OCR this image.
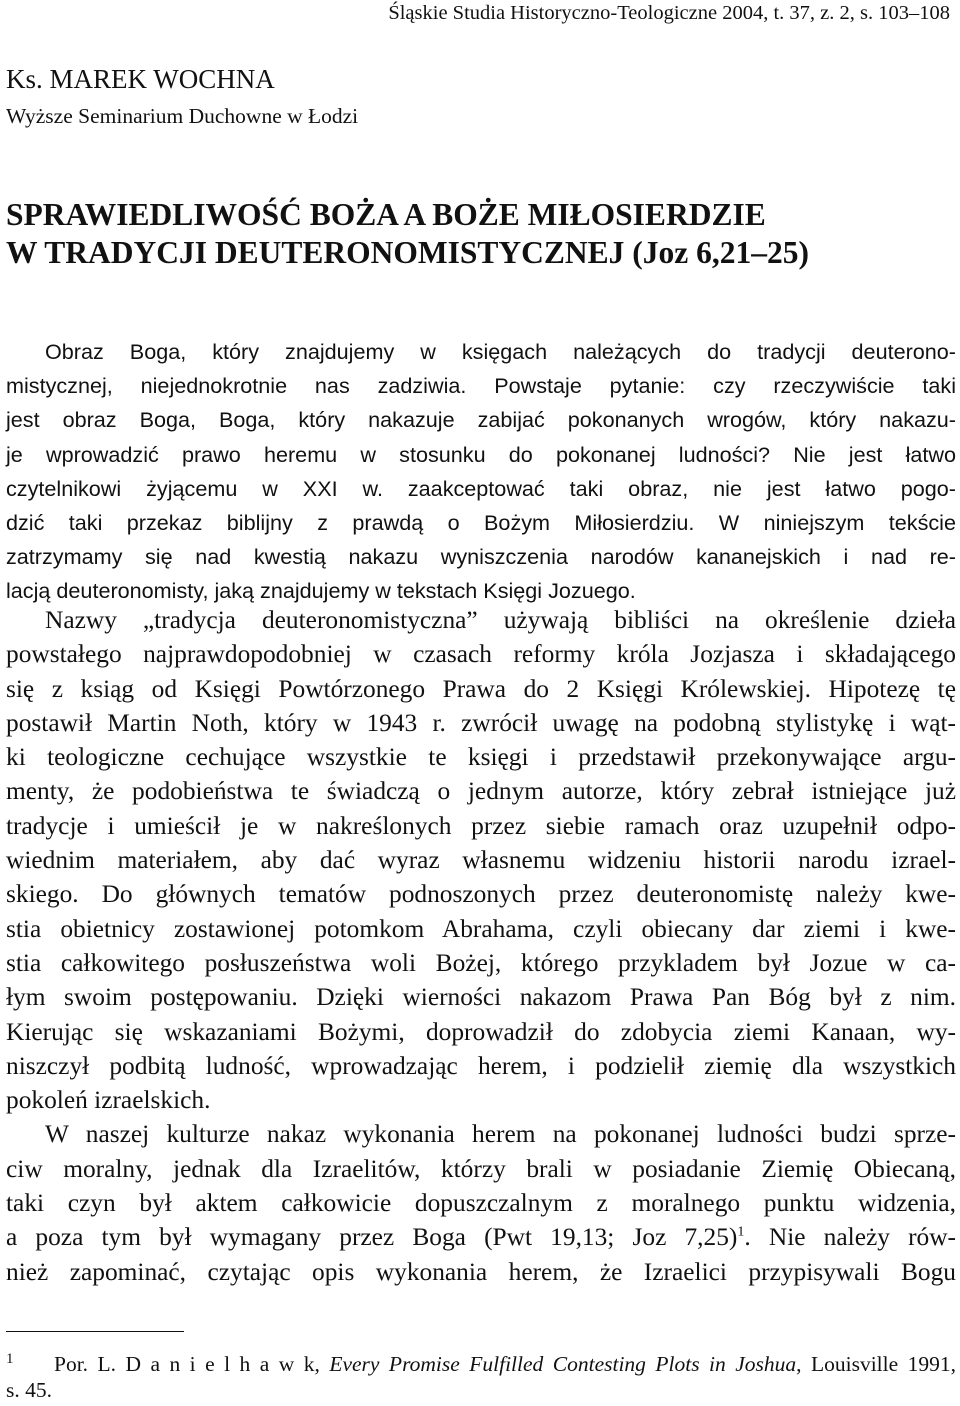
Śląskie Studia Historyczno-Teologiczne 2004, t. 37, z. 2, s. 103–108
Ks. MAREK WOCHNA
Wyższe Seminarium Duchowne w Łodzi
SPRAWIEDLIWOŚĆ BOŻA A BOŻE MIŁOSIERDZIE
W TRADYCJI DEUTERONOMISTYCZNEJ (Joz 6,21–25)
Obraz Boga, który znajdujemy w księgach należących do tradycji deuterono-
mistycznej, niejednokrotnie nas zadziwia. Powstaje pytanie: czy rzeczywiście taki
jest obraz Boga, Boga, który nakazuje zabijać pokonanych wrogów, który nakazu-
je wprowadzić prawo heremu w stosunku do pokonanej ludności? Nie jest łatwo
czytelnikowi żyjącemu w XXI w. zaakceptować taki obraz, nie jest łatwo pogo-
dzić taki przekaz biblijny z prawdą o Bożym Miłosierdziu. W niniejszym tekście
zatrzymamy się nad kwestią nakazu wyniszczenia narodów kananejskich i nad re-
lacją deuteronomisty, jaką znajdujemy w tekstach Księgi Jozuego.
Nazwy „tradycja deuteronomistyczna” używają bibliści na określenie dzieła
powstałego najprawdopodobniej w czasach reformy króla Jozjasza i składającego
się z ksiąg od Księgi Powtórzonego Prawa do 2 Księgi Królewskiej. Hipotezę tę
postawił Martin Noth, który w 1943 r. zwrócił uwagę na podobną stylistykę i wąt-
ki teologiczne cechujące wszystkie te księgi i przedstawił przekonywające argu-
menty, że podobieństwa te świadczą o jednym autorze, który zebrał istniejące już
tradycje i umieścił je w nakreślonych przez siebie ramach oraz uzupełnił odpo-
wiednim materiałem, aby dać wyraz własnemu widzeniu historii narodu izrael-
skiego. Do głównych tematów podnoszonych przez deuteronomistę należy kwe-
stia obietnicy zostawionej potomkom Abrahama, czyli obiecany dar ziemi i kwe-
stia całkowitego posłuszeństwa woli Bożej, którego przykladem był Jozue w ca-
łym swoim postępowaniu. Dzięki wierności nakazom Prawa Pan Bóg był z nim.
Kierując się wskazaniami Bożymi, doprowadził do zdobycia ziemi Kanaan, wy-
niszczył podbitą ludność, wprowadzając herem, i podzielił ziemię dla wszystkich
pokoleń izraelskich.
W naszej kulturze nakaz wykonania herem na pokonanej ludności budzi sprze-
ciw moralny, jednak dla Izraelitów, którzy brali w posiadanie Ziemię Obiecaną,
taki czyn był aktem całkowicie dopuszczalnym z moralnego punktu widzenia,
a poza tym był wymagany przez Boga (Pwt 19,13; Joz 7,25)$^1$. Nie należy rów-
nież zapominać, czytając opis wykonania herem, że Izraelici przypisywali Bogu
1 Por. L. D a n i e l h a w k, Every Promise Fulfilled Contesting Plots in Joshua, Louisville 1991,
s. 45.
